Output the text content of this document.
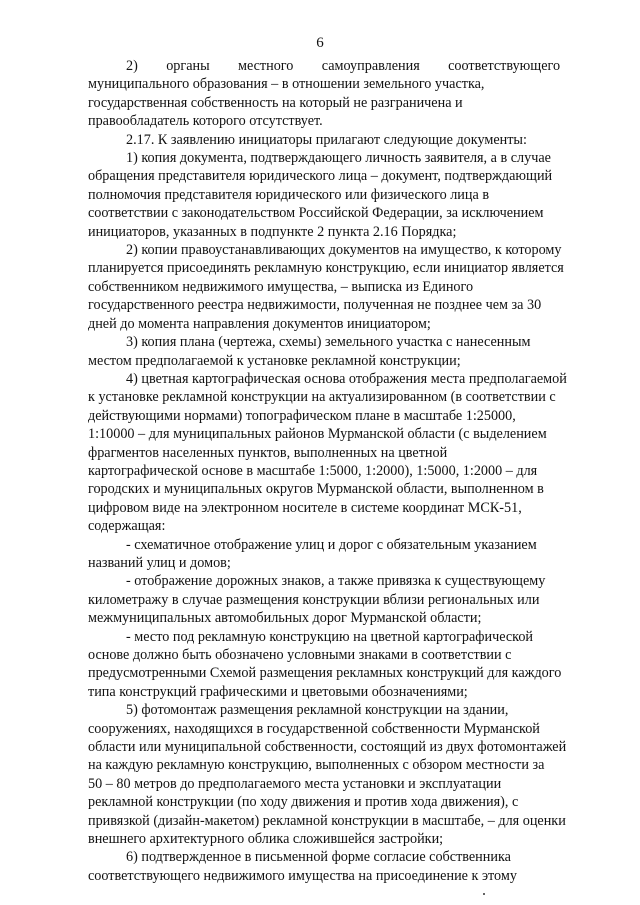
6

2)  органы  местного  самоуправления  соответствующего
муниципального образования – в отношении земельного участка,
государственная собственность на который не разграничена и
правообладатель которого отсутствует.

2.17. К заявлению инициаторы прилагают следующие документы:

1) копия документа, подтверждающего личность заявителя, а в случае
обращения представителя юридического лица – документ, подтверждающий
полномочия представителя юридического или физического лица в
соответствии с законодательством Российской Федерации, за исключением
инициаторов, указанных в подпункте 2 пункта 2.16 Порядка;

2) копии правоустанавливающих документов на имущество, к которому
планируется присоединять рекламную конструкцию, если инициатор является
собственником недвижимого имущества, – выписка из Единого
государственного реестра недвижимости, полученная не позднее чем за 30
дней до момента направления документов инициатором;

3) копия плана (чертежа, схемы) земельного участка с нанесенным
местом предполагаемой к установке рекламной конструкции;

4) цветная картографическая основа отображения места предполагаемой
к установке рекламной конструкции на актуализированном (в соответствии с
действующими нормами) топографическом плане в масштабе 1:25000,
1:10000 – для муниципальных районов Мурманской области (с выделением
фрагментов населенных пунктов, выполненных на цветной
картографической основе в масштабе 1:5000, 1:2000), 1:5000, 1:2000 – для
городских и муниципальных округов Мурманской области, выполненном в
цифровом виде на электронном носителе в системе координат МСК-51,
содержащая:

- схематичное отображение улиц и дорог с обязательным указанием
названий улиц и домов;

- отображение дорожных знаков, а также привязка к существующему
километражу в случае размещения конструкции вблизи региональных или
межмуниципальных автомобильных дорог Мурманской области;

- место под рекламную конструкцию на цветной картографической
основе должно быть обозначено условными знаками в соответствии с
предусмотренными Схемой размещения рекламных конструкций для каждого
типа конструкций графическими и цветовыми обозначениями;

5) фотомонтаж размещения рекламной конструкции на здании,
сооружениях, находящихся в государственной собственности Мурманской
области или муниципальной собственности, состоящий из двух фотомонтажей
на каждую рекламную конструкцию, выполненных с обзором местности за
50 – 80 метров до предполагаемого места установки и эксплуатации
рекламной конструкции (по ходу движения и против хода движения), с
привязкой (дизайн-макетом) рекламной конструкции в масштабе, – для оценки
внешнего архитектурного облика сложившейся застройки;

6) подтвержденное в письменной форме согласие собственника
соответствующего недвижимого имущества на присоединение к этому
